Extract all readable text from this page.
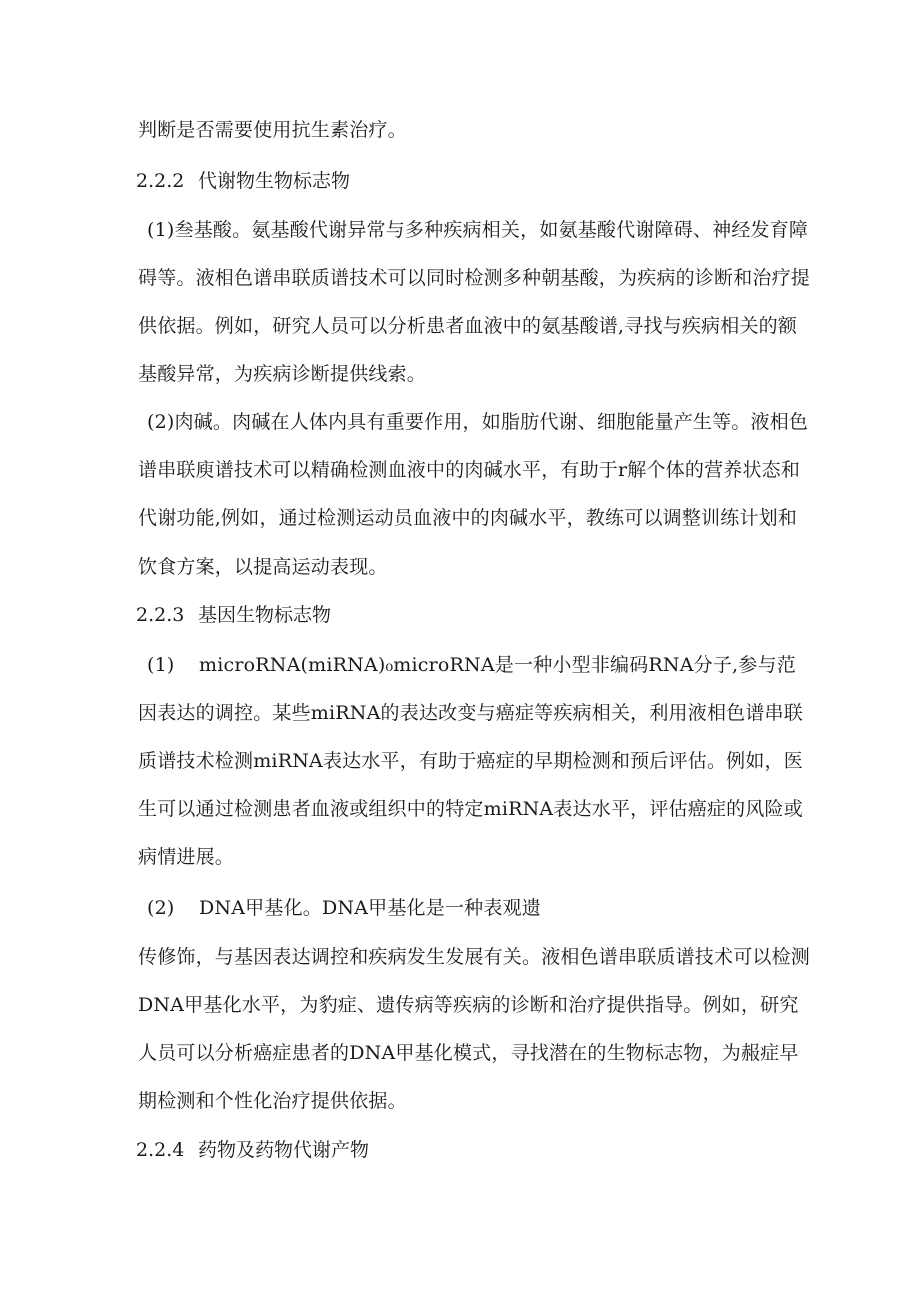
判断是否需要使用抗生素治疗。
2.2.2 代谢物生物标志物
(1)叁基酸。氨基酸代谢异常与多种疾病相关，如氨基酸代谢障碍、神经发育障
碍等。液相色谱串联质谱技术可以同时检测多种朝基酸，为疾病的诊断和治疗提
供依据。例如，研究人员可以分析患者血液中的氨基酸谱,寻找与疾病相关的额
基酸异常，为疾病诊断提供线索。
(2)肉碱。肉碱在人体内具有重要作用，如脂肪代谢、细胞能量产生等。液相色
谱串联庾谱技术可以精确检测血液中的肉碱水平，有助于r解个体的营养状态和
代谢功能,例如，通过检测运动员血液中的肉碱水平，教练可以调整训练计划和
饮食方案，以提高运动表现。
2.2.3 基因生物标志物
(1) microRNA(miRNA)₀microRNA是一种小型非编码RNA分子,参与范
因表达的调控。某些miRNA的表达改变与癌症等疾病相关，利用液相色谱串联
质谱技术检测miRNA表达水平，有助于癌症的早期检测和预后评估。例如，医
生可以通过检测患者血液或组织中的特定miRNA表达水平，评估癌症的风险或
病情进展。
(2) DNA甲基化。DNA甲基化是一种表观遗
传修饰，与基因表达调控和疾病发生发展有关。液相色谱串联质谱技术可以检测
DNA甲基化水平，为豹症、遗传病等疾病的诊断和治疗提供指导。例如，研究
人员可以分析癌症患者的DNA甲基化模式，寻找潜在的生物标志物，为赧症早
期检测和个性化治疗提供依据。
2.2.4 药物及药物代谢产物
